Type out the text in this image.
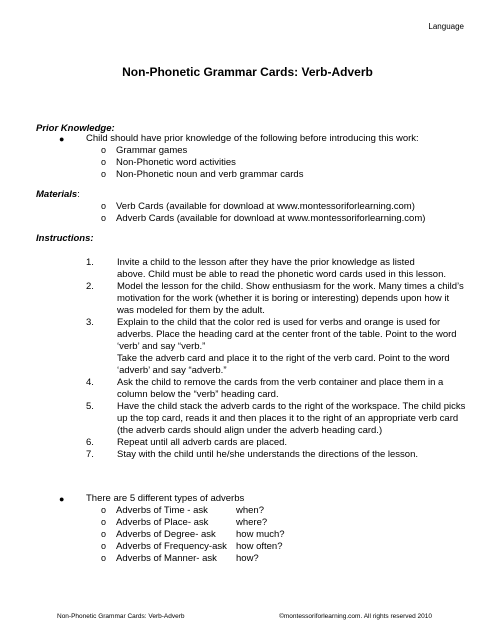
Language
Non-Phonetic Grammar Cards: Verb-Adverb
Prior Knowledge:
● Child should have prior knowledge of the following before introducing this work:
o Grammar games
o Non-Phonetic word activities
o Non-Phonetic noun and verb grammar cards
Materials:
o Verb Cards (available for download at www.montessoriforlearning.com)
o Adverb Cards (available for download at www.montessoriforlearning.com)
Instructions:
1. Invite a child to the lesson after they have the prior knowledge as listed
above. Child must be able to read the phonetic word cards used in this lesson.
2. Model the lesson for the child. Show enthusiasm for the work. Many times a child’s
motivation for the work (whether it is boring or interesting) depends upon how it
was modeled for them by the adult.
3. Explain to the child that the color red is used for verbs and orange is used for
adverbs. Place the heading card at the center front of the table. Point to the word
‘verb’ and say “verb.”
Take the adverb card and place it to the right of the verb card. Point to the word
‘adverb’ and say “adverb.”
4. Ask the child to remove the cards from the verb container and place them in a
column below the “verb” heading card.
5. Have the child stack the adverb cards to the right of the workspace. The child picks
up the top card, reads it and then places it to the right of an appropriate verb card
(the adverb cards should align under the adverb heading card.)
6. Repeat until all adverb cards are placed.
7. Stay with the child until he/she understands the directions of the lesson.
● There are 5 different types of adverbs
o Adverbs of Time - ask	when?
o Adverbs of Place- ask	where?
o Adverbs of Degree- ask how much?
o Adverbs of Frequency-ask how often?
o Adverbs of Manner- ask how?
Non-Phonetic Grammar Cards: Verb-Adverb	©montessoriforlearning.com. All rights reserved 2010
